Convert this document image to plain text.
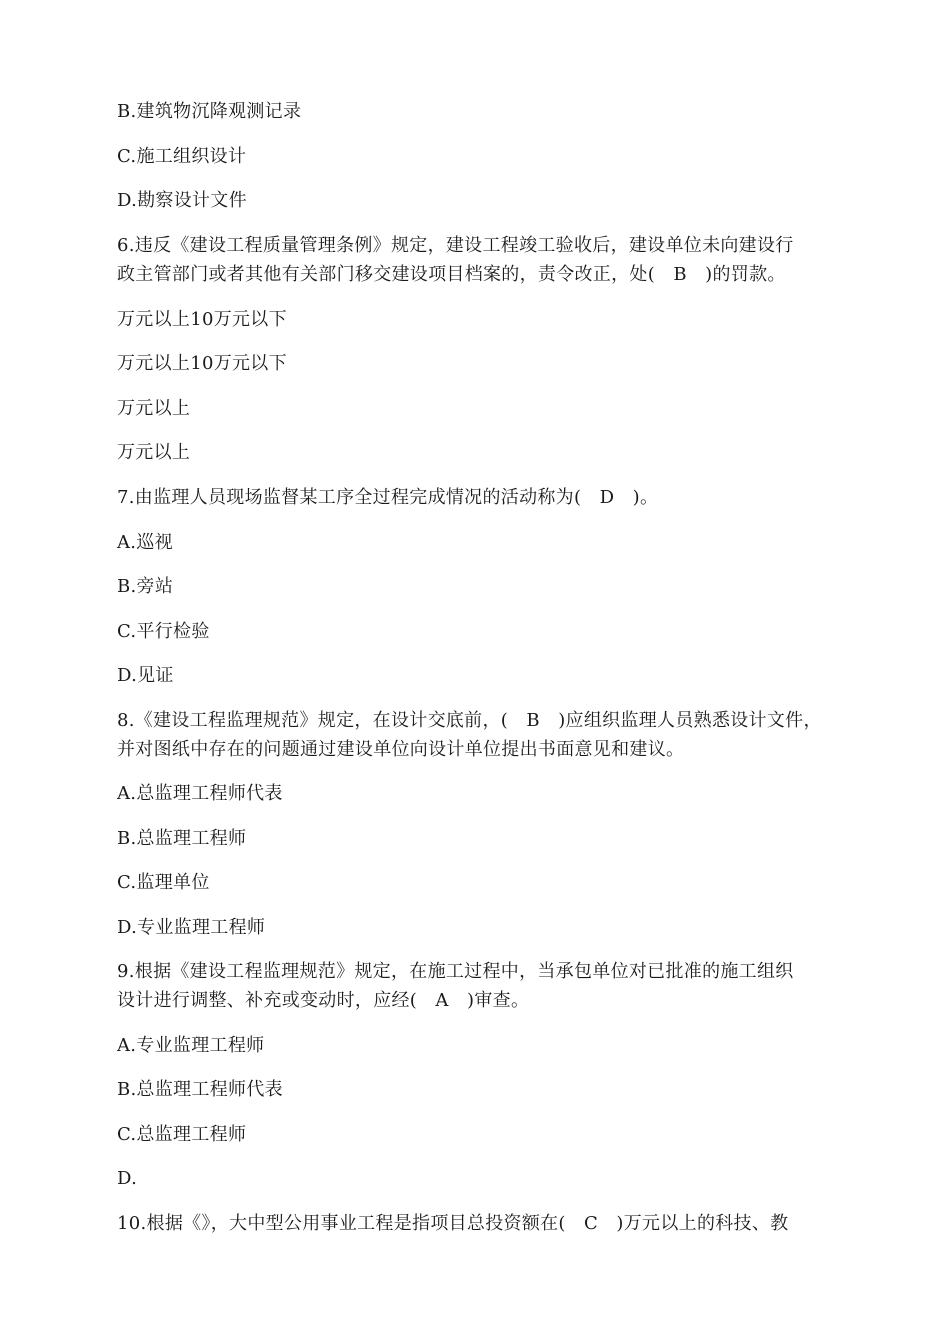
B.建筑物沉降观测记录
C.施工组织设计
D.勘察设计文件
6.违反《建设工程质量管理条例》规定，建设工程竣工验收后，建设单位未向建设行
政主管部门或者其他有关部门移交建设项目档案的，责令改正，处(　B　)的罚款。
万元以上10万元以下
万元以上10万元以下
万元以上
万元以上
7.由监理人员现场监督某工序全过程完成情况的活动称为(　D　)。
A.巡视
B.旁站
C.平行检验
D.见证
8.《建设工程监理规范》规定，在设计交底前，(　B　)应组织监理人员熟悉设计文件，
并对图纸中存在的问题通过建设单位向设计单位提出书面意见和建议。
A.总监理工程师代表
B.总监理工程师
C.监理单位
D.专业监理工程师
9.根据《建设工程监理规范》规定，在施工过程中，当承包单位对已批准的施工组织
设计进行调整、补充或变动时，应经(　A　)审查。
A.专业监理工程师
B.总监理工程师代表
C.总监理工程师
D.
10.根据《》，大中型公用事业工程是指项目总投资额在(　C　)万元以上的科技、教
